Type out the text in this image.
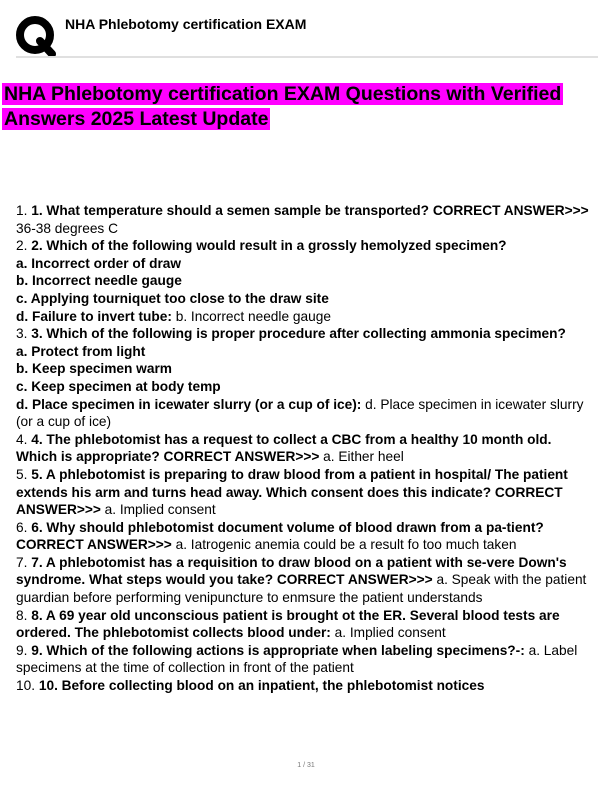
NHA Phlebotomy certification EXAM
NHA Phlebotomy certification EXAM Questions with Verified Answers 2025 Latest Update

1. 1. What temperature should a semen sample be transported? CORRECT ANSWER>>> 36-38 degrees C

2. 2. Which of the following would result in a grossly hemolyzed specimen?

a. Incorrect order of draw

b. Incorrect needle gauge

c. Applying tourniquet too close to the draw site

d. Failure to invert tube: b. Incorrect needle gauge

3. 3. Which of the following is proper procedure after collecting ammonia specimen?

a. Protect from light

b. Keep specimen warm

c. Keep specimen at body temp

d. Place specimen in icewater slurry (or a cup of ice): d. Place specimen in icewater slurry (or a cup of ice)

4. 4. The phlebotomist has a request to collect a CBC from a healthy 10 month old. Which is appropriate? CORRECT ANSWER>>> a. Either heel

5. 5. A phlebotomist is preparing to draw blood from a patient in hospital/ The patient extends his arm and turns head away. Which consent does this indicate? CORRECT ANSWER>>> a. Implied consent

6. 6. Why should phlebotomist document volume of blood drawn from a pa-tient? CORRECT ANSWER>>> a. Iatrogenic anemia could be a result fo too much taken

7. 7. A phlebotomist has a requisition to draw blood on a patient with se-vere Down's syndrome. What steps would you take? CORRECT ANSWER>>> a. Speak with the patient guardian before performing venipuncture to enmsure the patient understands

8. 8. A 69 year old unconscious patient is brought ot the ER. Several blood tests are ordered. The phlebotomist collects blood under: a. Implied consent

9. 9. Which of the following actions is appropriate when labeling specimens?-: a. Label specimens at the time of collection in front of the patient

10. 10. Before collecting blood on an inpatient, the phlebotomist notices

1 / 31
